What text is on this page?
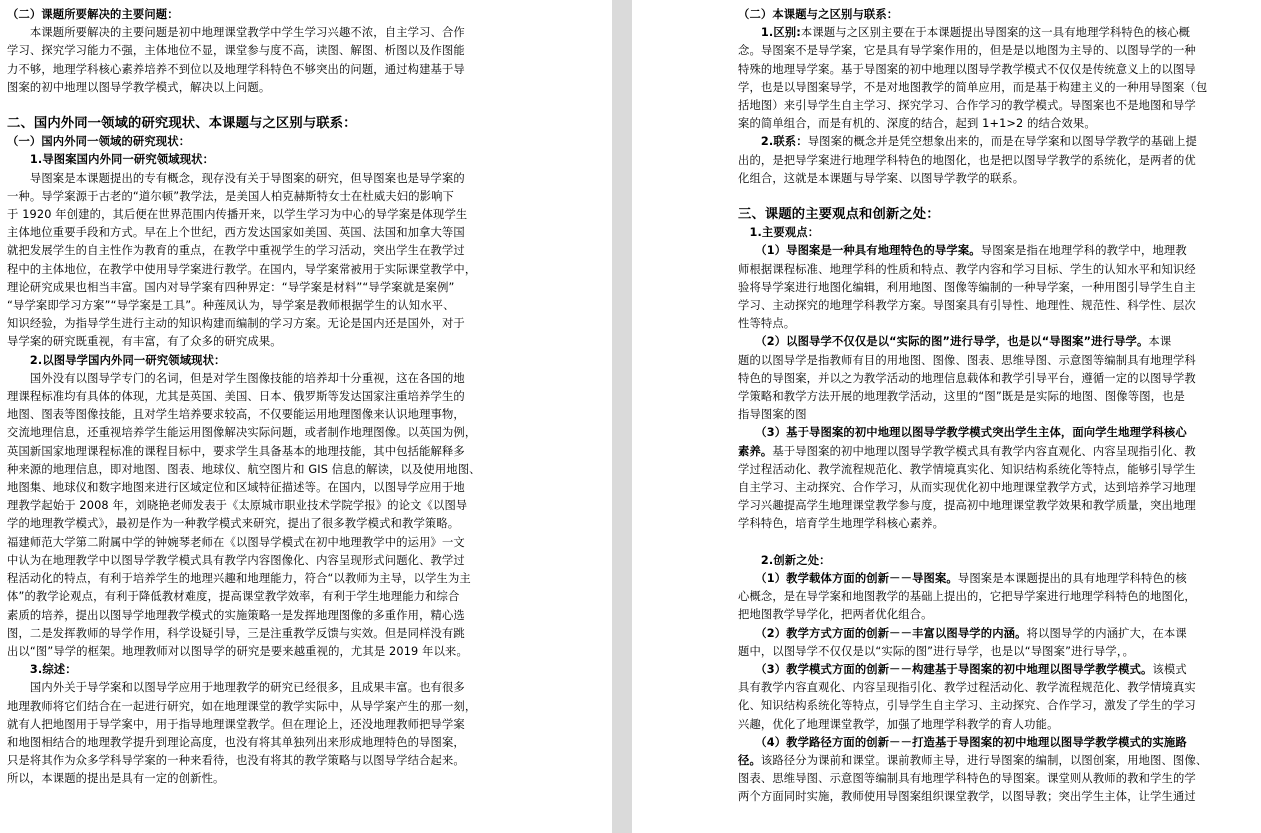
（二）课题所要解决的主要问题：
　　本课题所要解决的主要问题是初中地理课堂教学中学生学习兴趣不浓，自主学习、合作
学习、探究学习能力不强，主体地位不显，课堂参与度不高，读图、解图、析图以及作图能
力不够，地理学科核心素养培养不到位以及地理学科特色不够突出的问题，通过构建基于导
图案的初中地理以图导学教学模式，解决以上问题。
二、国内外同一领域的研究现状、本课题与之区别与联系：
（一）国内外同一领域的研究现状：
　　1.导图案国内外同一研究领域现状：
　　导图案是本课题提出的专有概念，现存没有关于导图案的研究，但导图案也是导学案的
一种。导学案源于古老的“道尔顿”教学法，是美国人柏克赫斯特女士在杜威夫妇的影响下
于 1920 年创建的，其后便在世界范围内传播开来，以学生学习为中心的导学案是体现学生
主体地位重要手段和方式。早在上个世纪，西方发达国家如美国、英国、法国和加拿大等国
就把发展学生的自主性作为教育的重点，在教学中重视学生的学习活动，突出学生在教学过
程中的主体地位，在教学中使用导学案进行教学。在国内，导学案常被用于实际课堂教学中，
理论研究成果也相当丰富。国内对导学案有四种界定：“导学案是材料”“导学案就是案例”
“导学案即学习方案”“导学案是工具”。种莲凤认为，导学案是教师根据学生的认知水平、
知识经验，为指导学生进行主动的知识构建而编制的学习方案。无论是国内还是国外，对于
导学案的研究既重视，有丰富，有了众多的研究成果。
　　2.以图导学国内外同一研究领域现状：
　　国外没有以图导学专门的名词，但是对学生图像技能的培养却十分重视，这在各国的地
理课程标准均有具体的体现，尤其是英国、美国、日本、俄罗斯等发达国家注重培养学生的
地图、图表等图像技能，且对学生培养要求较高，不仅要能运用地理图像来认识地理事物，
交流地理信息，还重视培养学生能运用图像解决实际问题，或者制作地理图像。以英国为例，
英国新国家地理课程标准的课程目标中，要求学生具备基本的地理技能，其中包括能解释多
种来源的地理信息，即对地图、图表、地球仪、航空图片和 GIS 信息的解读，以及使用地图、
地图集、地球仪和数字地图来进行区域定位和区域特征描述等。在国内，以图导学应用于地
理教学起始于 2008 年，刘晓艳老师发表于《太原城市职业技术学院学报》的论文《以图导
学的地理教学模式》，最初是作为一种教学模式来研究，提出了很多教学模式和教学策略。
福建师范大学第二附属中学的钟婉琴老师在《以图导学模式在初中地理教学中的运用》一文
中认为在地理教学中以图导学教学模式具有教学内容图像化、内容呈现形式问题化、教学过
程活动化的特点，有利于培养学生的地理兴趣和地理能力，符合“以教师为主导，以学生为主
体”的教学论观点，有利于降低教材难度，提高课堂教学效率，有利于学生地理能力和综合
素质的培养，提出以图导学地理教学模式的实施策略一是发挥地理图像的多重作用，精心选
图，二是发挥教师的导学作用，科学设疑引导，三是注重教学反馈与实效。但是同样没有跳
出以“图”导学的框架。地理教师对以图导学的研究是要来越重视的，尤其是 2019 年以来。
　　3.综述：
　　国内外关于导学案和以图导学应用于地理教学的研究已经很多，且成果丰富。也有很多
地理教师将它们结合在一起进行研究，如在地理课堂的教学实际中，从导学案产生的那一刻，
就有人把地图用于导学案中，用于指导地理课堂教学。但在理论上，还没地理教师把导学案
和地图相结合的地理教学提升到理论高度，也没有将其单独列出来形成地理特色的导图案，
只是将其作为众多学科导学案的一种来看待，也没有将其的教学策略与以图导学结合起来。
所以，本课题的提出是具有一定的创新性。
（二）本课题与之区别与联系：
　　1.区别:本课题与之区别主要在于本课题提出导图案的这一具有地理学科特色的核心概
念。导图案不是导学案，它是具有导学案作用的，但是是以地图为主导的、以图导学的一种
特殊的地理导学案。基于导图案的初中地理以图导学教学模式不仅仅是传统意义上的以图导
学，也是以导图案导学，不是对地图教学的简单应用，而是基于构建主义的一种用导图案（包
括地图）来引导学生自主学习、探究学习、合作学习的教学模式。导图案也不是地图和导学
案的简单组合，而是有机的、深度的结合，起到 1+1>2 的结合效果。
　　2.联系：导图案的概念并是凭空想象出来的，而是在导学案和以图导学教学的基础上提
出的，是把导学案进行地理学科特色的地图化，也是把以图导学教学的系统化，是两者的优
化组合，这就是本课题与导学案、以图导学教学的联系。
三、课题的主要观点和创新之处：
　1.主要观点：
　　（1）导图案是一种具有地理特色的导学案。导图案是指在地理学科的教学中，地理教
师根据课程标准、地理学科的性质和特点、教学内容和学习目标、学生的认知水平和知识经
验将导学案进行地图化编辑，利用地图、图像等编制的一种导学案，一种用图引导学生自主
学习、主动探究的地理学科教学方案。导图案具有引导性、地理性、规范性、科学性、层次
性等特点。
　　（2）以图导学不仅仅是以“实际的图”进行导学，也是以“导图案”进行导学。本课
题的以图导学是指教师有目的用地图、图像、图表、思维导图、示意图等编制具有地理学科
特色的导图案，并以之为教学活动的地理信息载体和教学引导平台，遵循一定的以图导学教
学策略和教学方法开展的地理教学活动，这里的“图”既是是实际的地图、图像等图，也是
指导图案的图
　　（3）基于导图案的初中地理以图导学教学模式突出学生主体，面向学生地理学科核心
素养。基于导图案的初中地理以图导学教学模式具有教学内容直观化、内容呈现指引化、教
学过程活动化、教学流程规范化、教学情境真实化、知识结构系统化等特点，能够引导学生
自主学习、主动探究、合作学习，从而实现优化初中地理课堂教学方式，达到培养学习地理
学习兴趣提高学生地理课堂教学参与度，提高初中地理课堂教学效果和教学质量，突出地理
学科特色，培育学生地理学科核心素养。
　　2.创新之处：
　　（1）教学载体方面的创新－－导图案。导图案是本课题提出的具有地理学科特色的核
心概念，是在导学案和地图教学的基础上提出的，它把导学案进行地理学科特色的地图化，
把地图教学导学化，把两者优化组合。
　　（2）教学方式方面的创新－－丰富以图导学的内涵。将以图导学的内涵扩大，在本课
题中，以图导学不仅仅是以“实际的图”进行导学，也是以“导图案”进行导学，。
　　（3）教学模式方面的创新－－构建基于导图案的初中地理以图导学教学模式。该模式
具有教学内容直观化、内容呈现指引化、教学过程活动化、教学流程规范化、教学情境真实
化、知识结构系统化等特点，引导学生自主学习、主动探究、合作学习，激发了学生的学习
兴趣，优化了地理课堂教学，加强了地理学科教学的育人功能。
　　（4）教学路径方面的创新－－打造基于导图案的初中地理以图导学教学模式的实施路
径。该路径分为课前和课堂。课前教师主导，进行导图案的编制，以图创案，用地图、图像、
图表、思维导图、示意图等编制具有地理学科特色的导图案。课堂则从教师的教和学生的学
两个方面同时实施，教师使用导图案组织课堂教学，以图导教；突出学生主体，让学生通过
